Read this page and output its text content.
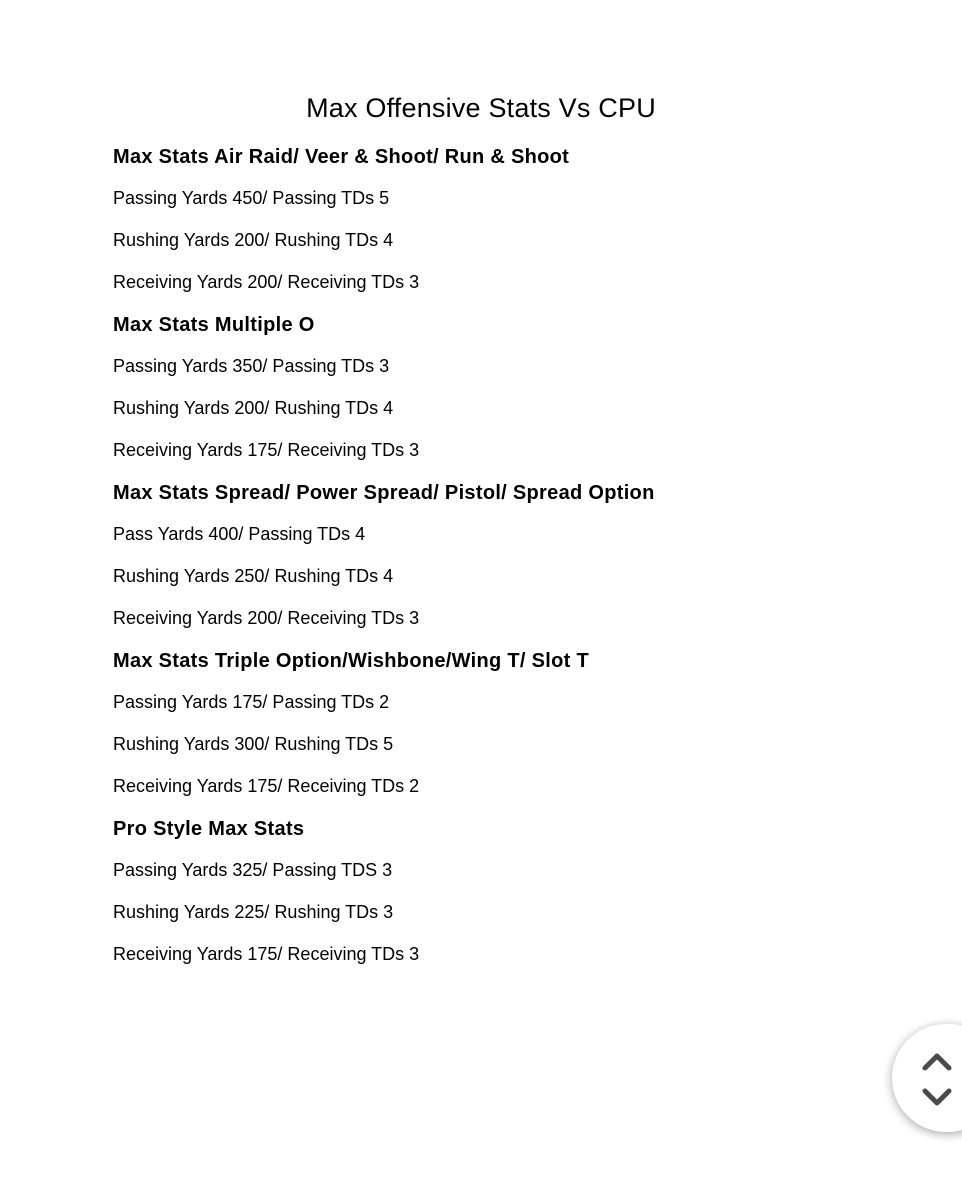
Max Offensive Stats Vs CPU
Max Stats Air Raid/ Veer & Shoot/ Run & Shoot
Passing Yards 450/ Passing TDs 5
Rushing Yards 200/ Rushing TDs 4
Receiving Yards 200/ Receiving TDs 3
Max Stats Multiple O
Passing Yards 350/ Passing TDs 3
Rushing Yards 200/ Rushing TDs 4
Receiving Yards 175/ Receiving TDs 3
Max Stats Spread/ Power Spread/ Pistol/ Spread Option
Pass Yards 400/ Passing TDs 4
Rushing Yards 250/ Rushing TDs 4
Receiving Yards 200/ Receiving TDs 3
Max Stats Triple Option/Wishbone/Wing T/ Slot T
Passing Yards 175/ Passing TDs 2
Rushing Yards 300/ Rushing TDs 5
Receiving Yards 175/ Receiving TDs 2
Pro Style Max Stats
Passing Yards 325/ Passing TDS 3
Rushing Yards 225/ Rushing TDs 3
Receiving Yards 175/ Receiving TDs 3
